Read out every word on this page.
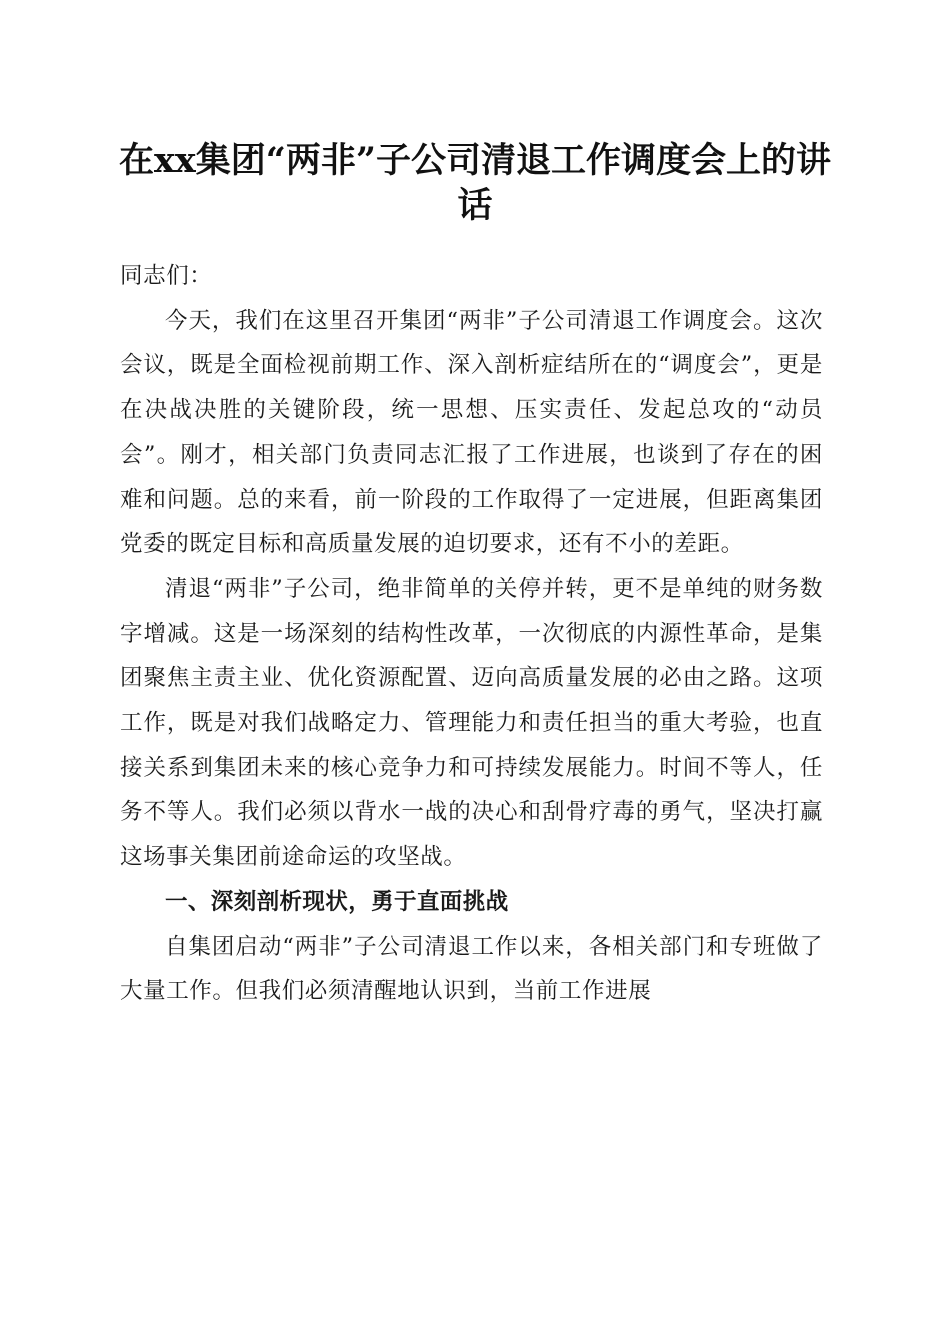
在xx集团“两非”子公司清退工作调度会上的讲话

同志们：

今天，我们在这里召开集团“两非”子公司清退工作调度会。这次会议，既是全面检视前期工作、深入剖析症结所在的“调度会”，更是在决战决胜的关键阶段，统一思想、压实责任、发起总攻的“动员会”。刚才，相关部门负责同志汇报了工作进展，也谈到了存在的困难和问题。总的来看，前一阶段的工作取得了一定进展，但距离集团党委的既定目标和高质量发展的迫切要求，还有不小的差距。

清退“两非”子公司，绝非简单的关停并转，更不是单纯的财务数字增减。这是一场深刻的结构性改革，一次彻底的内源性革命，是集团聚焦主责主业、优化资源配置、迈向高质量发展的必由之路。这项工作，既是对我们战略定力、管理能力和责任担当的重大考验，也直接关系到集团未来的核心竞争力和可持续发展能力。时间不等人，任务不等人。我们必须以背水一战的决心和刮骨疗毒的勇气，坚决打赢这场事关集团前途命运的攻坚战。

一、深刻剖析现状，勇于直面挑战

自集团启动“两非”子公司清退工作以来，各相关部门和专班做了大量工作。但我们必须清醒地认识到，当前工作进展
